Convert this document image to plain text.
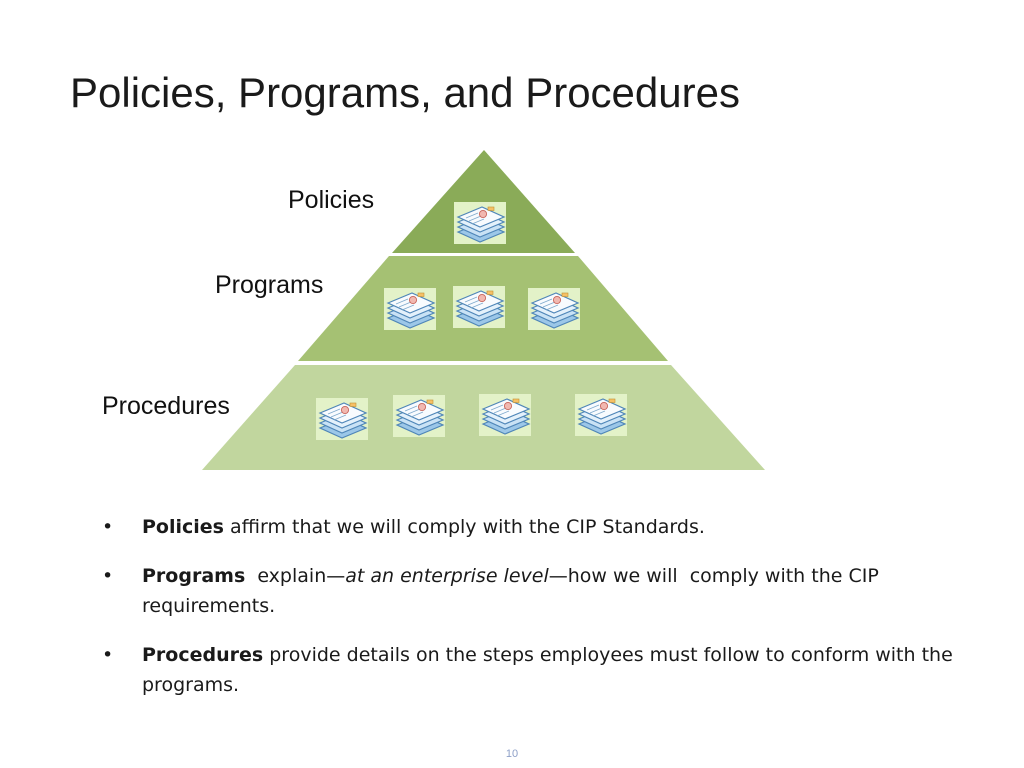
Policies, Programs, and Procedures
Policies
Programs
Procedures
• Policies affirm that we will comply with the CIP Standards.
• Programs  explain—at an enterprise level—how we will  comply with the CIP requirements.
• Procedures provide details on the steps employees must follow to conform with the programs.
10
